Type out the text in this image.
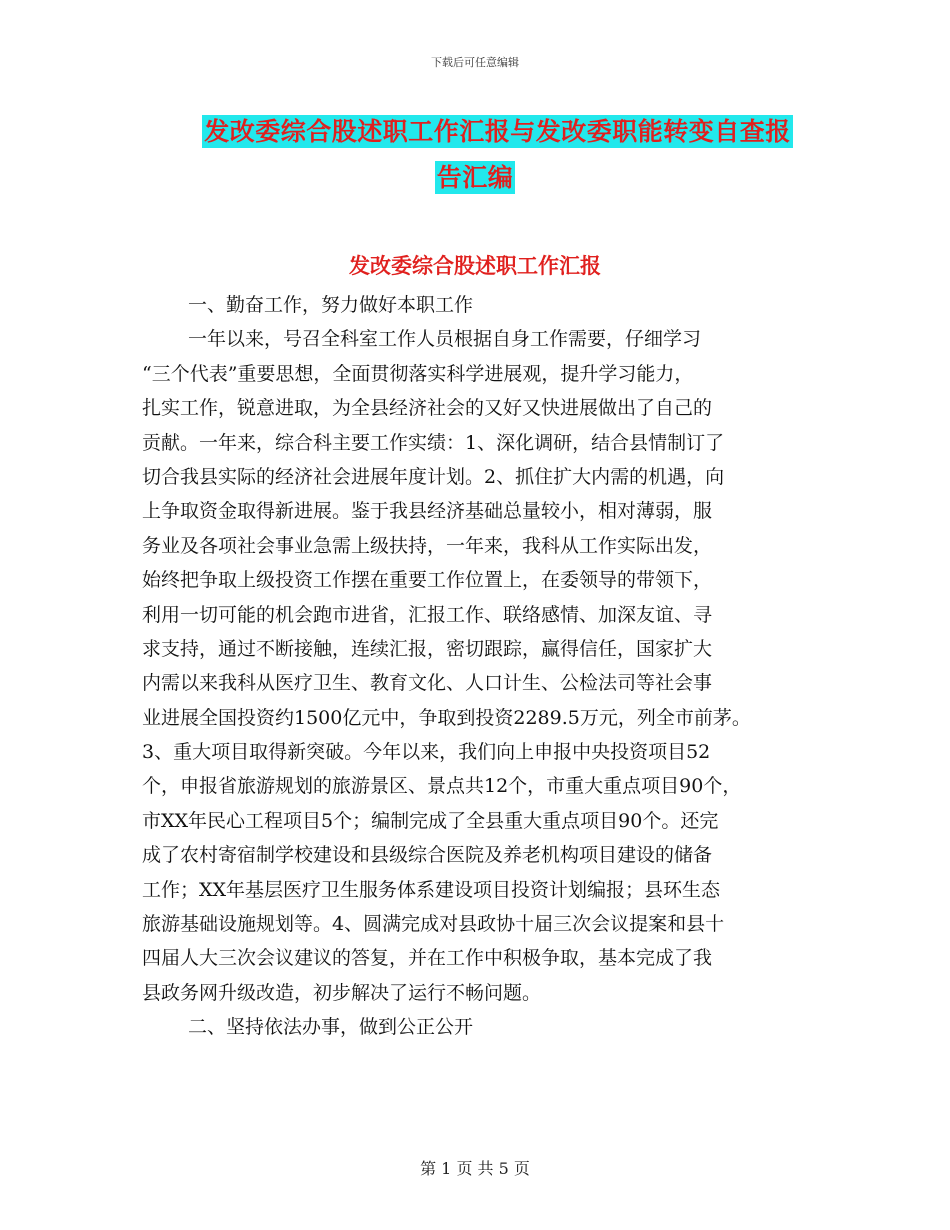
下载后可任意编辑
发改委综合股述职工作汇报与发改委职能转变自查报
告汇编
发改委综合股述职工作汇报
一、勤奋工作，努力做好本职工作
一年以来，号召全科室工作人员根据自身工作需要，仔细学习
“三个代表”重要思想，全面贯彻落实科学进展观，提升学习能力，
扎实工作，锐意进取，为全县经济社会的又好又快进展做出了自己的
贡献。一年来，综合科主要工作实绩：1、深化调研，结合县情制订了
切合我县实际的经济社会进展年度计划。2、抓住扩大内需的机遇，向
上争取资金取得新进展。鉴于我县经济基础总量较小，相对薄弱，服
务业及各项社会事业急需上级扶持，一年来，我科从工作实际出发，
始终把争取上级投资工作摆在重要工作位置上，在委领导的带领下，
利用一切可能的机会跑市进省，汇报工作、联络感情、加深友谊、寻
求支持，通过不断接触，连续汇报，密切跟踪，赢得信任，国家扩大
内需以来我科从医疗卫生、教育文化、人口计生、公检法司等社会事
业进展全国投资约1500亿元中，争取到投资2289.5万元，列全市前茅。
3、重大项目取得新突破。今年以来，我们向上申报中央投资项目52
个，申报省旅游规划的旅游景区、景点共12个，市重大重点项目90个，
市XX年民心工程项目5个；编制完成了全县重大重点项目90个。还完
成了农村寄宿制学校建设和县级综合医院及养老机构项目建设的储备
工作；XX年基层医疗卫生服务体系建设项目投资计划编报；县环生态
旅游基础设施规划等。4、圆满完成对县政协十届三次会议提案和县十
四届人大三次会议建议的答复，并在工作中积极争取，基本完成了我
县政务网升级改造，初步解决了运行不畅问题。
二、坚持依法办事，做到公正公开
第 1 页 共 5 页
